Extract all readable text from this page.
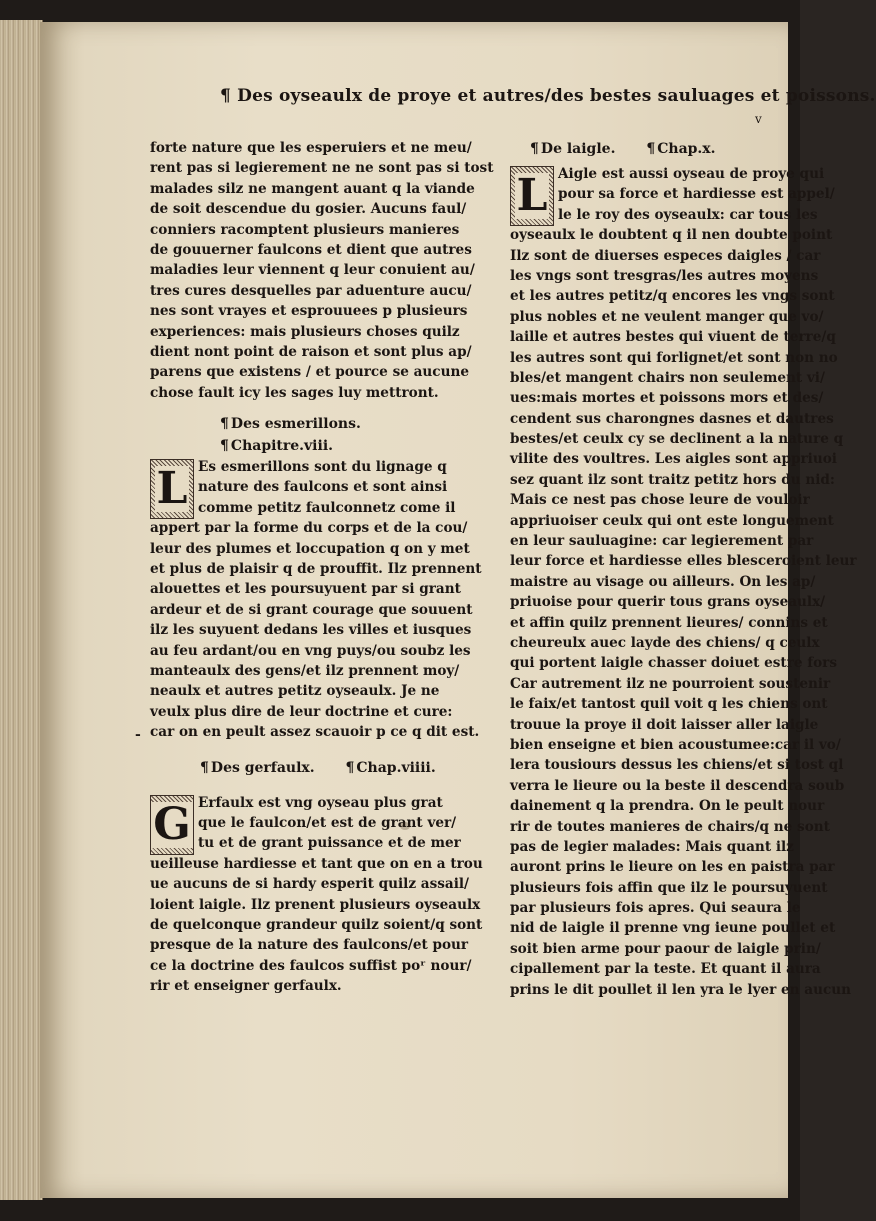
¶ Des oyseaulx de proye et autres/des bestes sauluages et poissons.
v
forte nature que les esperuiers et ne meu/
rent pas si legierement ne ne sont pas si tost
malades silz ne mangent auant q la viande
de soit descendue du gosier. Aucuns faul/
conniers racomptent plusieurs manieres
de gouuerner faulcons et dient que autres
maladies leur viennent q leur conuient au/
tres cures desquelles par aduenture aucu/
nes sont vrayes et esprouuees p plusieurs
experiences: mais plusieurs choses quilz
dient nont point de raison et sont plus ap/
parens que existens / et pource se aucune
chose fault icy les sages luy mettront.
¶ Des esmerillons.
¶ Chapitre.viii.
L Es esmerillons sont du lignage q
nature des faulcons et sont ainsi
comme petitz faulconnetz come il
appert par la forme du corps et de la cou/
leur des plumes et loccupation q on y met
et plus de plaisir q de prouffit. Ilz prennent
alouettes et les poursuyuent par si grant
ardeur et de si grant courage que souuent
ilz les suyuent dedans les villes et iusques
au feu ardant/ou en vng puys/ou soubz les
manteaulx des gens/et ilz prennent moy/
neaulx et autres petitz oyseaulx. Je ne
veulx plus dire de leur doctrine et cure:
car on en peult assez scauoir p ce q dit est.
¶ Des gerfaulx. ¶ Chap.viiii.
G Erfaulx est vng oyseau plus grat
que le faulcon/et est de grant ver/
tu et de grant puissance et de mer
ueilleuse hardiesse et tant que on en a trou
ue aucuns de si hardy esperit quilz assail/
loient laigle. Ilz prenent plusieurs oyseaulx
de quelconque grandeur quilz soient/q sont
presque de la nature des faulcons/et pour
ce la doctrine des faulcos suffist poʳ nour/
rir et enseigner gerfaulx.
-
¶ De laigle. ¶ Chap.x.
L Aigle est aussi oyseau de proye qui
pour sa force et hardiesse est appel/
le le roy des oyseaulx: car tous les
oyseaulx le doubtent q il nen doubte point
Ilz sont de diuerses especes daigles / car
les vngs sont tresgras/les autres moyens
et les autres petitz/q encores les vngs sont
plus nobles et ne veulent manger que vo/
laille et autres bestes qui viuent de terre/q
les autres sont qui forlignet/et sont non no
bles/et mangent chairs non seulement vi/
ues:mais mortes et poissons mors et des/
cendent sus charongnes dasnes et dautres
bestes/et ceulx cy se declinent a la nature q
vilite des voultres. Les aigles sont appriuoi
sez quant ilz sont traitz petitz hors du nid:
Mais ce nest pas chose leure de vouloir
appriuoiser ceulx qui ont este longuement
en leur sauluagine: car legierement par
leur force et hardiesse elles blesceroient leur
maistre au visage ou ailleurs. On les ap/
priuoise pour querir tous grans oyseaulx/
et affin quilz prennent lieures/ connins et
cheureulx auec layde des chiens/ q ceulx
qui portent laigle chasser doiuet estre fors
Car autrement ilz ne pourroient soustenir
le faix/et tantost quil voit q les chiens ont
trouue la proye il doit laisser aller laigle
bien enseigne et bien acoustumee:car il vo/
lera tousiours dessus les chiens/et si tost ql
verra le lieure ou la beste il descendra soub
dainement q la prendra. On le peult nour
rir de toutes manieres de chairs/q ne sont
pas de legier malades: Mais quant ilz
auront prins le lieure on les en paistra par
plusieurs fois affin que ilz le poursuyuent
par plusieurs fois apres. Qui seaura le
nid de laigle il prenne vng ieune poullet et
soit bien arme pour paour de laigle prin/
cipallement par la teste. Et quant il aura
prins le dit poullet il len yra le lyer en aucun
